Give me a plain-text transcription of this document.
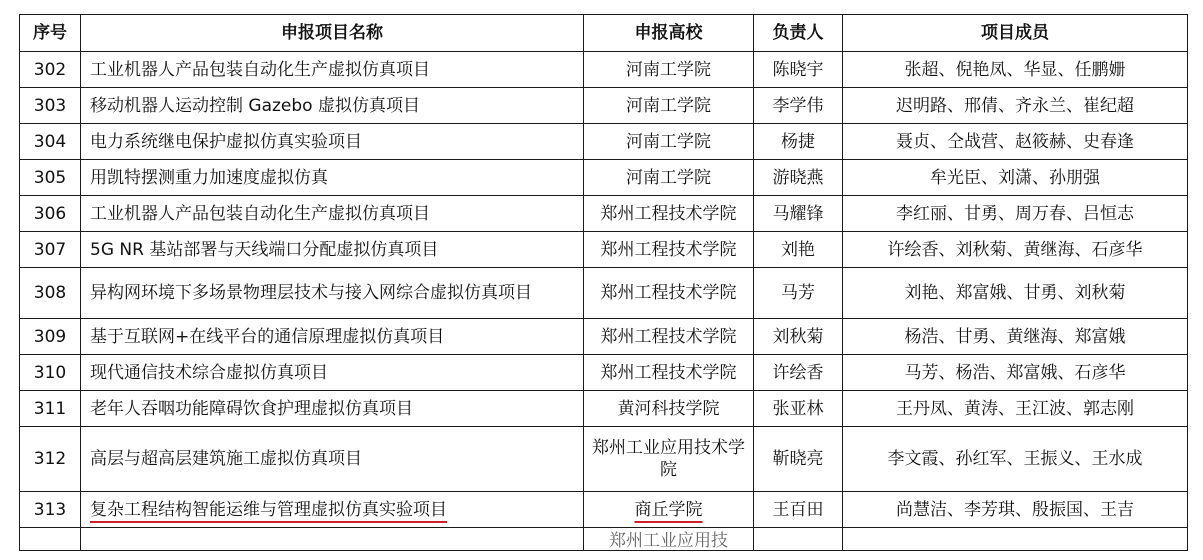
序号	申报项目名称	申报高校	负责人	项目成员
302	工业机器人产品包装自动化生产虚拟仿真项目	河南工学院	陈晓宇	张超、倪艳凤、华显、任鹏姗
303	移动机器人运动控制 Gazebo 虚拟仿真项目	河南工学院	李学伟	迟明路、邢倩、齐永兰、崔纪超
304	电力系统继电保护虚拟仿真实验项目	河南工学院	杨捷	聂贞、仝战营、赵筱赫、史春逢
305	用凯特摆测重力加速度虚拟仿真	河南工学院	游晓燕	牟光臣、刘潇、孙朋强
306	工业机器人产品包装自动化生产虚拟仿真项目	郑州工程技术学院	马耀锋	李红丽、甘勇、周万春、吕恒志
307	5G NR 基站部署与天线端口分配虚拟仿真项目	郑州工程技术学院	刘艳	许绘香、刘秋菊、黄继海、石彦华
308	异构网环境下多场景物理层技术与接入网综合虚拟仿真项目	郑州工程技术学院	马芳	刘艳、郑富娥、甘勇、刘秋菊
309	基于互联网+在线平台的通信原理虚拟仿真项目	郑州工程技术学院	刘秋菊	杨浩、甘勇、黄继海、郑富娥
310	现代通信技术综合虚拟仿真项目	郑州工程技术学院	许绘香	马芳、杨浩、郑富娥、石彦华
311	老年人吞咽功能障碍饮食护理虚拟仿真项目	黄河科技学院	张亚林	王丹凤、黄涛、王江波、郭志刚
312	高层与超高层建筑施工虚拟仿真项目	郑州工业应用技术学院	靳晓亮	李文霞、孙红军、王振义、王水成
313	复杂工程结构智能运维与管理虚拟仿真实验项目	商丘学院	王百田	尚慧洁、李芳琪、殷振国、王吉
		郑州工业应用技		
